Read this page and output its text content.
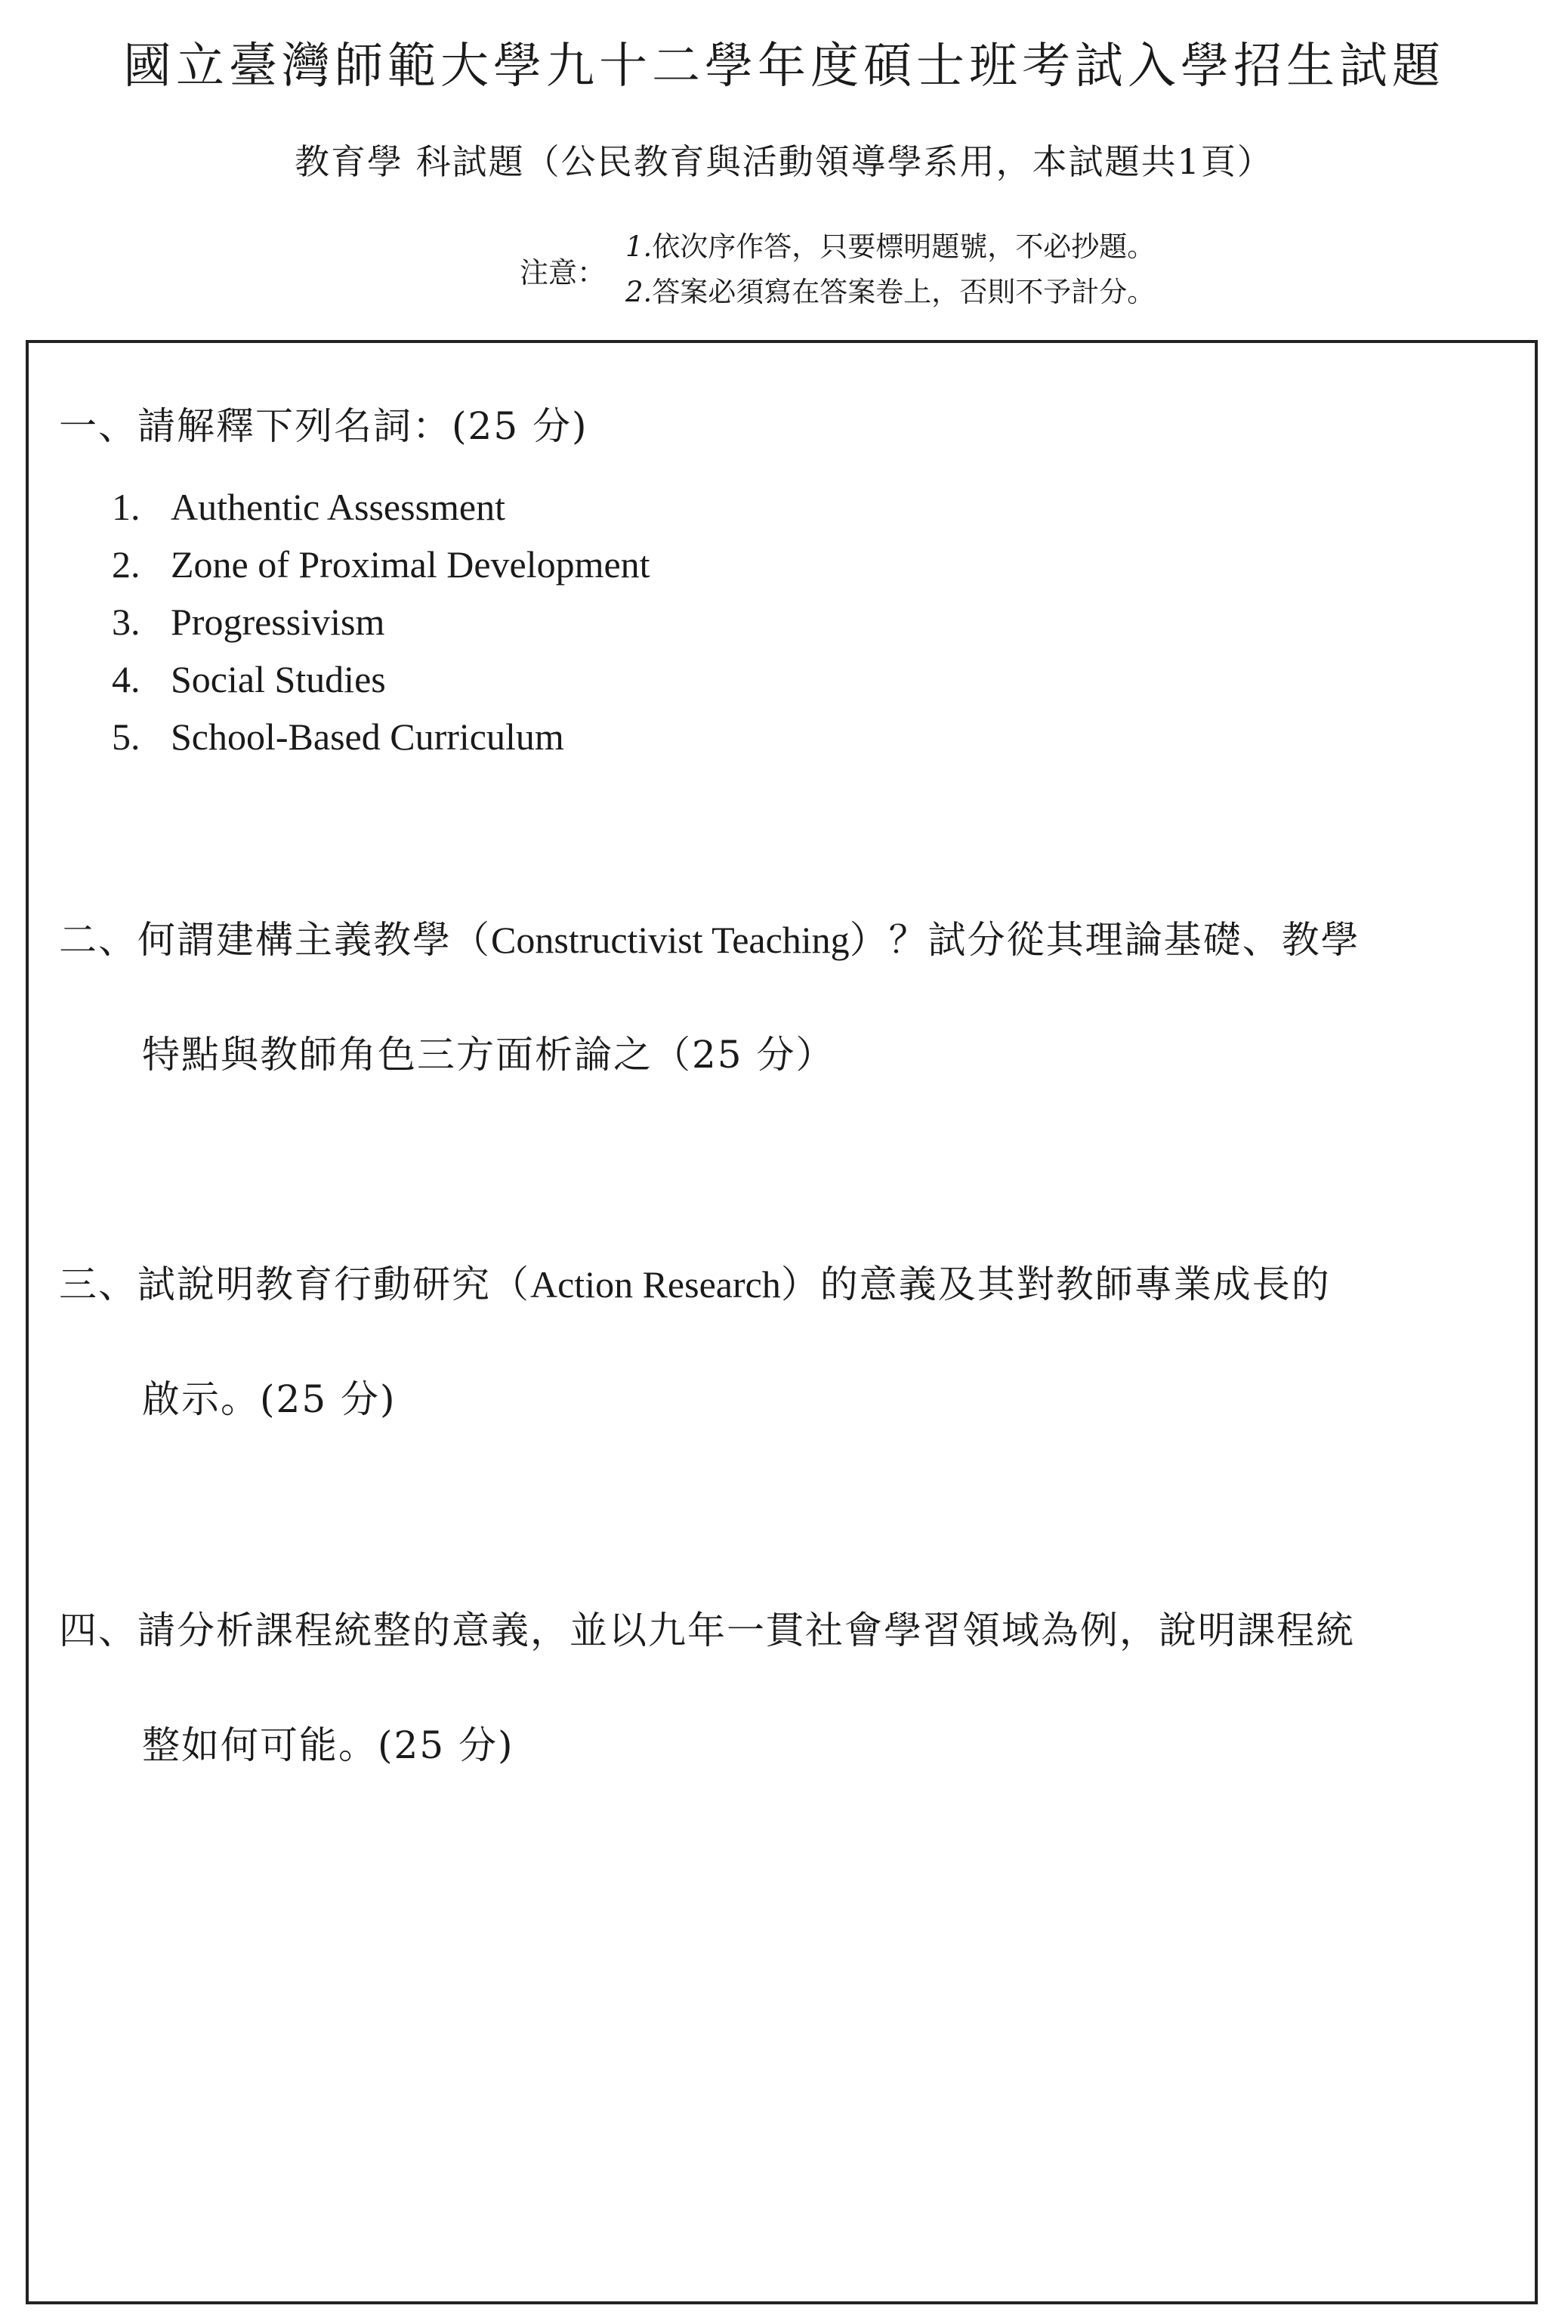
國立臺灣師範大學九十二學年度碩士班考試入學招生試題
教育學 科試題（公民教育與活動領導學系用，本試題共1頁）
注意：
1.依次序作答，只要標明題號，不必抄題。
2.答案必須寫在答案卷上，否則不予計分。
一、請解釋下列名詞：(25 分)
1. Authentic Assessment
2. Zone of Proximal Development
3. Progressivism
4. Social Studies
5. School-Based Curriculum
二、何謂建構主義教學（Constructivist Teaching）？試分從其理論基礎、教學
特點與教師角色三方面析論之（25 分）
三、試說明教育行動研究（Action Research）的意義及其對教師專業成長的
啟示。(25 分)
四、請分析課程統整的意義，並以九年一貫社會學習領域為例，說明課程統
整如何可能。(25 分)
